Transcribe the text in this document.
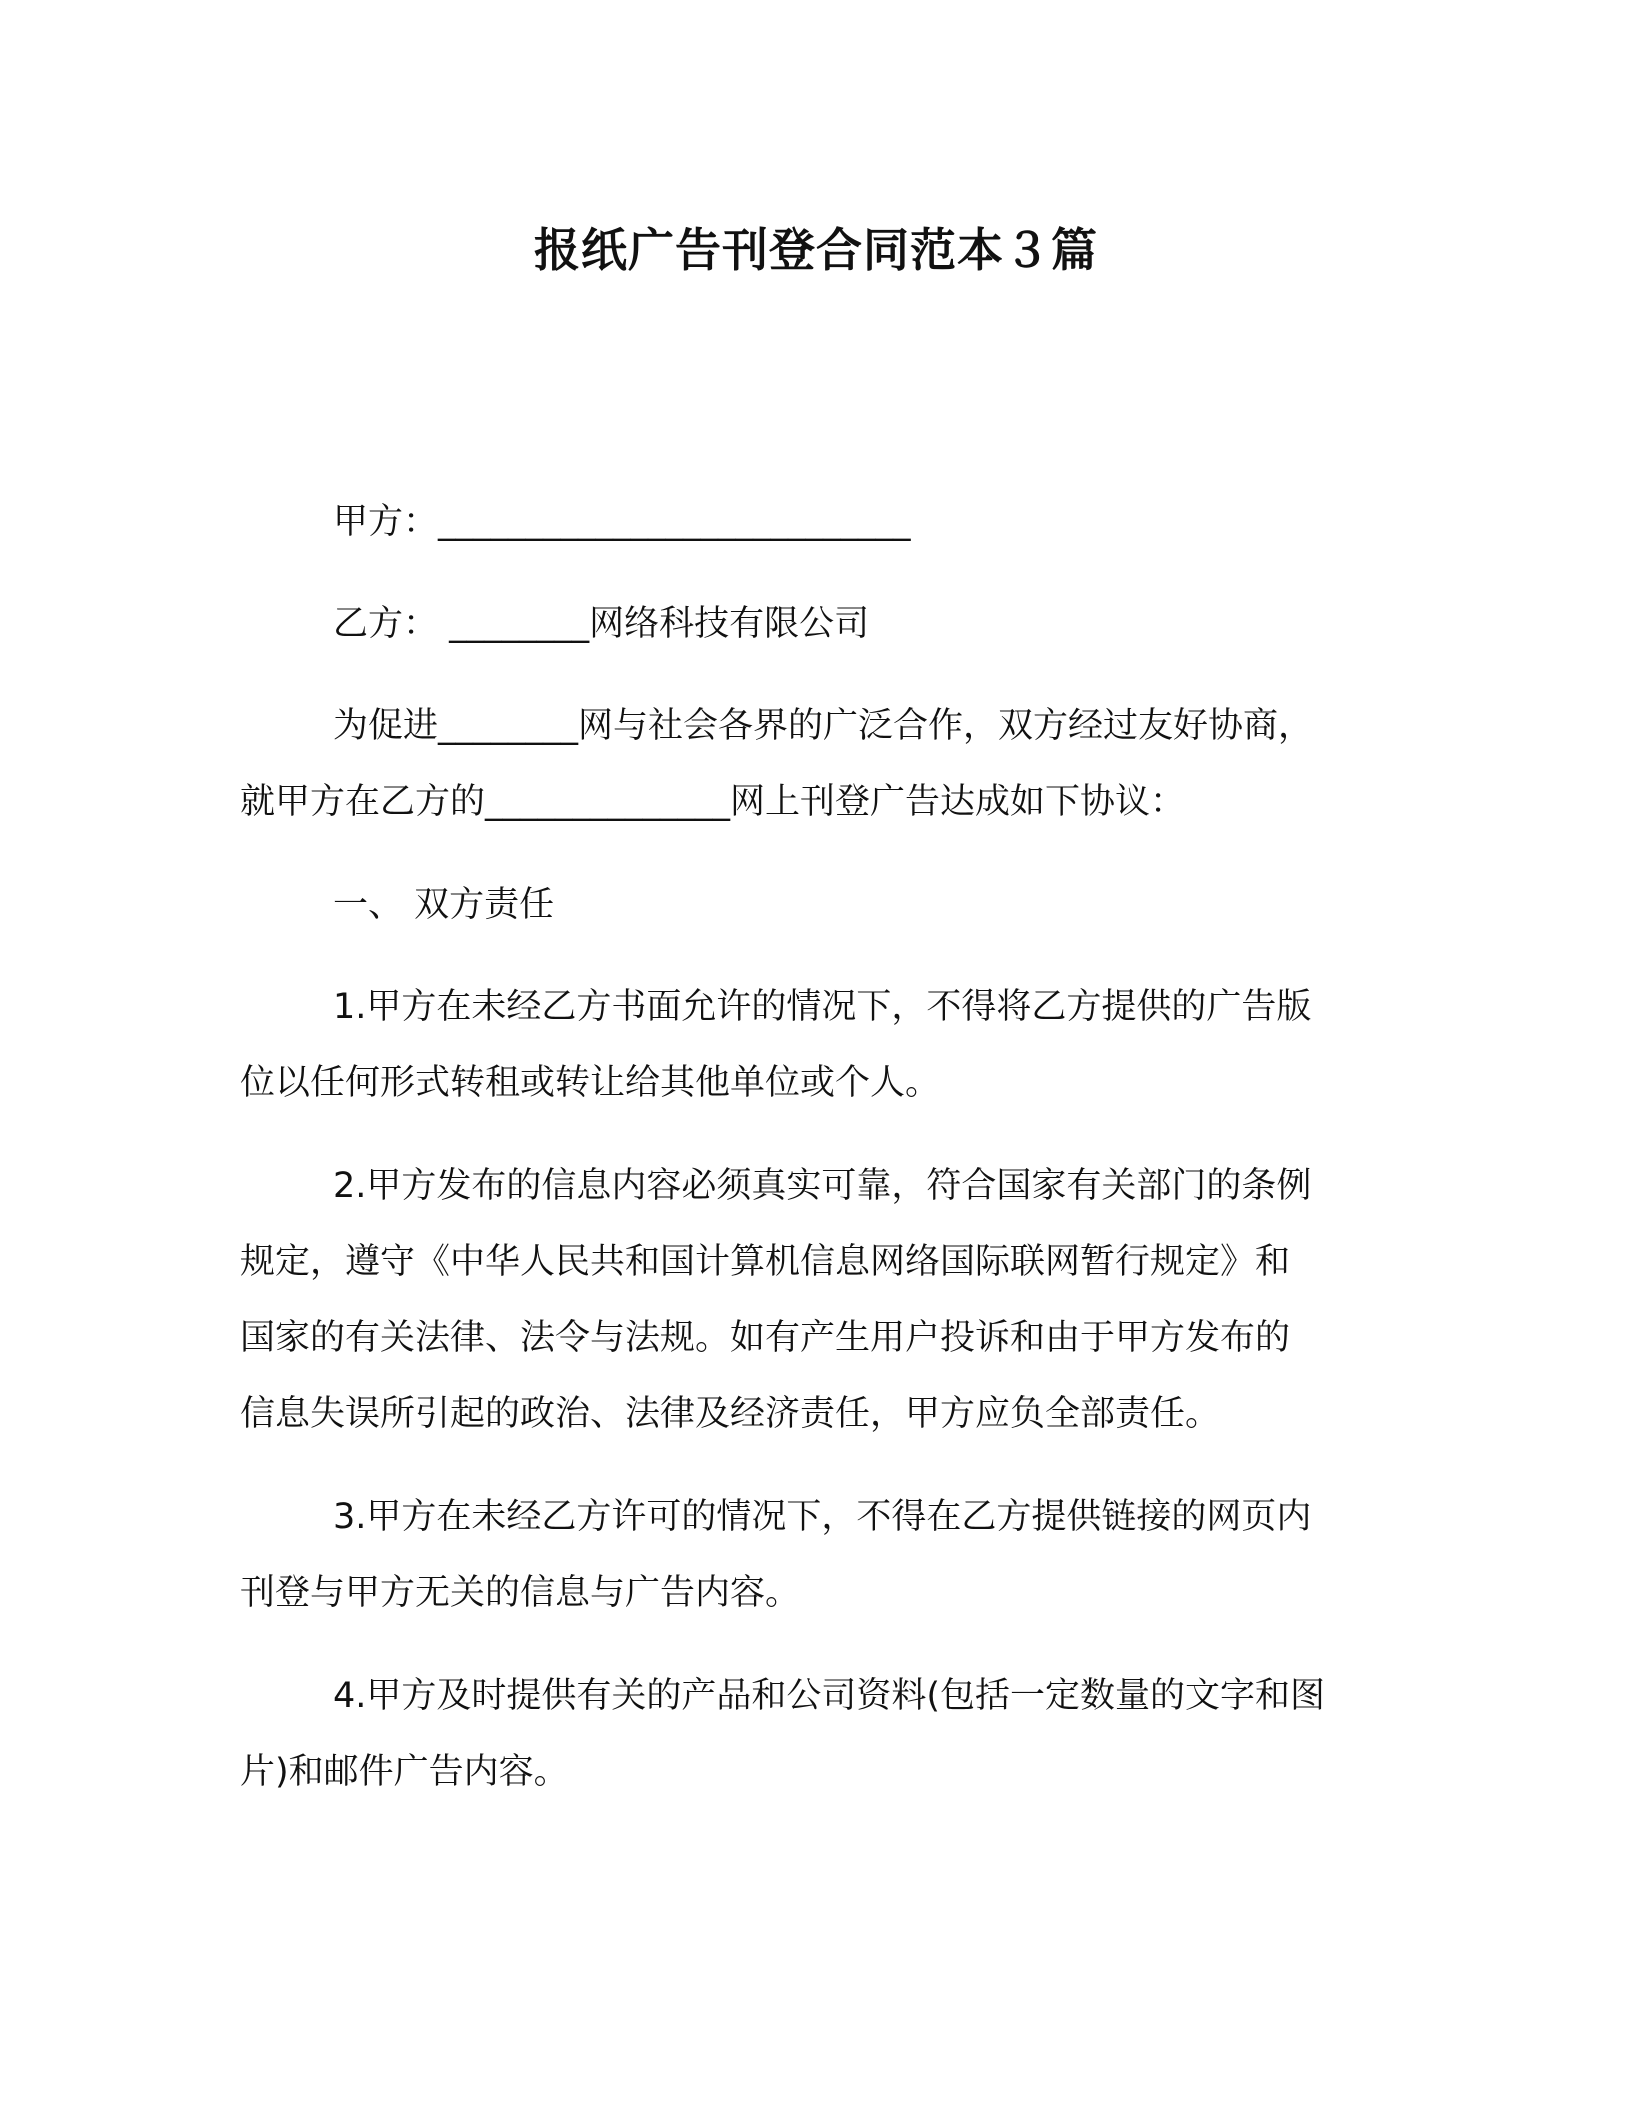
报纸广告刊登合同范本３篇
甲方：___________________________
乙方： ________网络科技有限公司
为促进________网与社会各界的广泛合作，双方经过友好协商，
就甲方在乙方的______________网上刊登广告达成如下协议：
一、 双方责任
1.甲方在未经乙方书面允许的情况下，不得将乙方提供的广告版
位以任何形式转租或转让给其他单位或个人。
2.甲方发布的信息内容必须真实可靠，符合国家有关部门的条例
规定，遵守《中华人民共和国计算机信息网络国际联网暂行规定》和
国家的有关法律、法令与法规。如有产生用户投诉和由于甲方发布的
信息失误所引起的政治、法律及经济责任，甲方应负全部责任。
3.甲方在未经乙方许可的情况下，不得在乙方提供链接的网页内
刊登与甲方无关的信息与广告内容。
4.甲方及时提供有关的产品和公司资料(包括一定数量的文字和图
片)和邮件广告内容。
